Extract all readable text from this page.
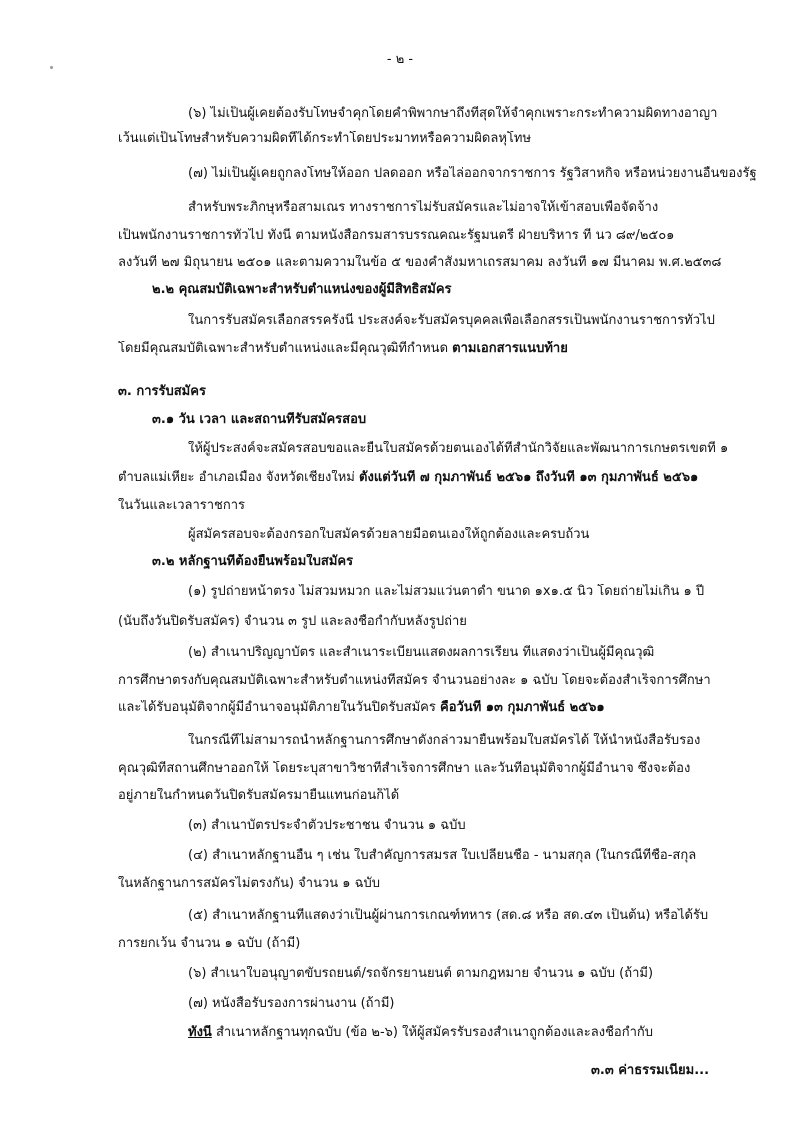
- ๒ -
(๖) ไม่เป็นผู้เคยต้องรับโทษจำคุกโดยคำพิพากษาถึงที่สุดให้จำคุกเพราะกระทำความผิดทางอาญา
เว้นแต่เป็นโทษสำหรับความผิดที่ได้กระทำโดยประมาทหรือความผิดลหุโทษ
(๗) ไม่เป็นผู้เคยถูกลงโทษให้ออก ปลดออก หรือไล่ออกจากราชการ รัฐวิสาหกิจ หรือหน่วยงานอื่นของรัฐ
สำหรับพระภิกษุหรือสามเณร ทางราชการไม่รับสมัครและไม่อาจให้เข้าสอบเพื่อจัดจ้าง
เป็นพนักงานราชการทั่วไป ทั้งนี้ ตามหนังสือกรมสารบรรณคณะรัฐมนตรี ฝ่ายบริหาร ที่ นว ๘๙/๒๕๐๑
ลงวันที่ ๒๗ มิถุนายน ๒๕๐๑ และตามความในข้อ ๕ ของคำสั่งมหาเถรสมาคม ลงวันที่ ๑๗ มีนาคม พ.ศ.๒๕๓๘
๒.๒ คุณสมบัติเฉพาะสำหรับตำแหน่งของผู้มีสิทธิสมัคร
ในการรับสมัครเลือกสรรครั้งนี้ ประสงค์จะรับสมัครบุคคลเพื่อเลือกสรรเป็นพนักงานราชการทั่วไป
โดยมีคุณสมบัติเฉพาะสำหรับตำแหน่งและมีคุณวุฒิที่กำหนด ตามเอกสารแนบท้าย
๓. การรับสมัคร
๓.๑ วัน เวลา และสถานที่รับสมัครสอบ
ให้ผู้ประสงค์จะสมัครสอบขอและยื่นใบสมัครด้วยตนเองได้ที่สำนักวิจัยและพัฒนาการเกษตรเขตที่ ๑
ตำบลแม่เหียะ อำเภอเมือง จังหวัดเชียงใหม่ ตั้งแต่วันที่ ๗ กุมภาพันธ์ ๒๕๖๑ ถึงวันที่ ๑๓ กุมภาพันธ์ ๒๕๖๑
ในวันและเวลาราชการ
ผู้สมัครสอบจะต้องกรอกใบสมัครด้วยลายมือตนเองให้ถูกต้องและครบถ้วน
๓.๒ หลักฐานที่ต้องยื่นพร้อมใบสมัคร
(๑) รูปถ่ายหน้าตรง ไม่สวมหมวก และไม่สวมแว่นตาดำ ขนาด ๑x๑.๕ นิ้ว โดยถ่ายไม่เกิน ๑ ปี
(นับถึงวันปิดรับสมัคร) จำนวน ๓ รูป และลงชื่อกำกับหลังรูปถ่าย
(๒) สำเนาปริญญาบัตร และสำเนาระเบียนแสดงผลการเรียน ที่แสดงว่าเป็นผู้มีคุณวุฒิ
การศึกษาตรงกับคุณสมบัติเฉพาะสำหรับตำแหน่งที่สมัคร จำนวนอย่างละ ๑ ฉบับ โดยจะต้องสำเร็จการศึกษา
และได้รับอนุมัติจากผู้มีอำนาจอนุมัติภายในวันปิดรับสมัคร คือวันที่ ๑๓ กุมภาพันธ์ ๒๕๖๑
ในกรณีที่ไม่สามารถนำหลักฐานการศึกษาดังกล่าวมายื่นพร้อมใบสมัครได้ ให้นำหนังสือรับรอง
คุณวุฒิที่สถานศึกษาออกให้ โดยระบุสาขาวิชาที่สำเร็จการศึกษา และวันที่อนุมัติจากผู้มีอำนาจ ซึ่งจะต้อง
อยู่ภายในกำหนดวันปิดรับสมัครมายื่นแทนก่อนก็ได้
(๓) สำเนาบัตรประจำตัวประชาชน จำนวน ๑ ฉบับ
(๔) สำเนาหลักฐานอื่น ๆ เช่น ใบสำคัญการสมรส ใบเปลี่ยนชื่อ - นามสกุล (ในกรณีที่ชื่อ-สกุล
ในหลักฐานการสมัครไม่ตรงกัน) จำนวน ๑ ฉบับ
(๕) สำเนาหลักฐานที่แสดงว่าเป็นผู้ผ่านการเกณฑ์ทหาร (สด.๘ หรือ สด.๔๓ เป็นต้น) หรือได้รับ
การยกเว้น จำนวน ๑ ฉบับ (ถ้ามี)
(๖) สำเนาใบอนุญาตขับรถยนต์/รถจักรยานยนต์ ตามกฎหมาย จำนวน ๑ ฉบับ (ถ้ามี)
(๗) หนังสือรับรองการผ่านงาน (ถ้ามี)
ทั้งนี้ สำเนาหลักฐานทุกฉบับ (ข้อ ๒-๖) ให้ผู้สมัครรับรองสำเนาถูกต้องและลงชื่อกำกับ
๓.๓ ค่าธรรมเนียม...
